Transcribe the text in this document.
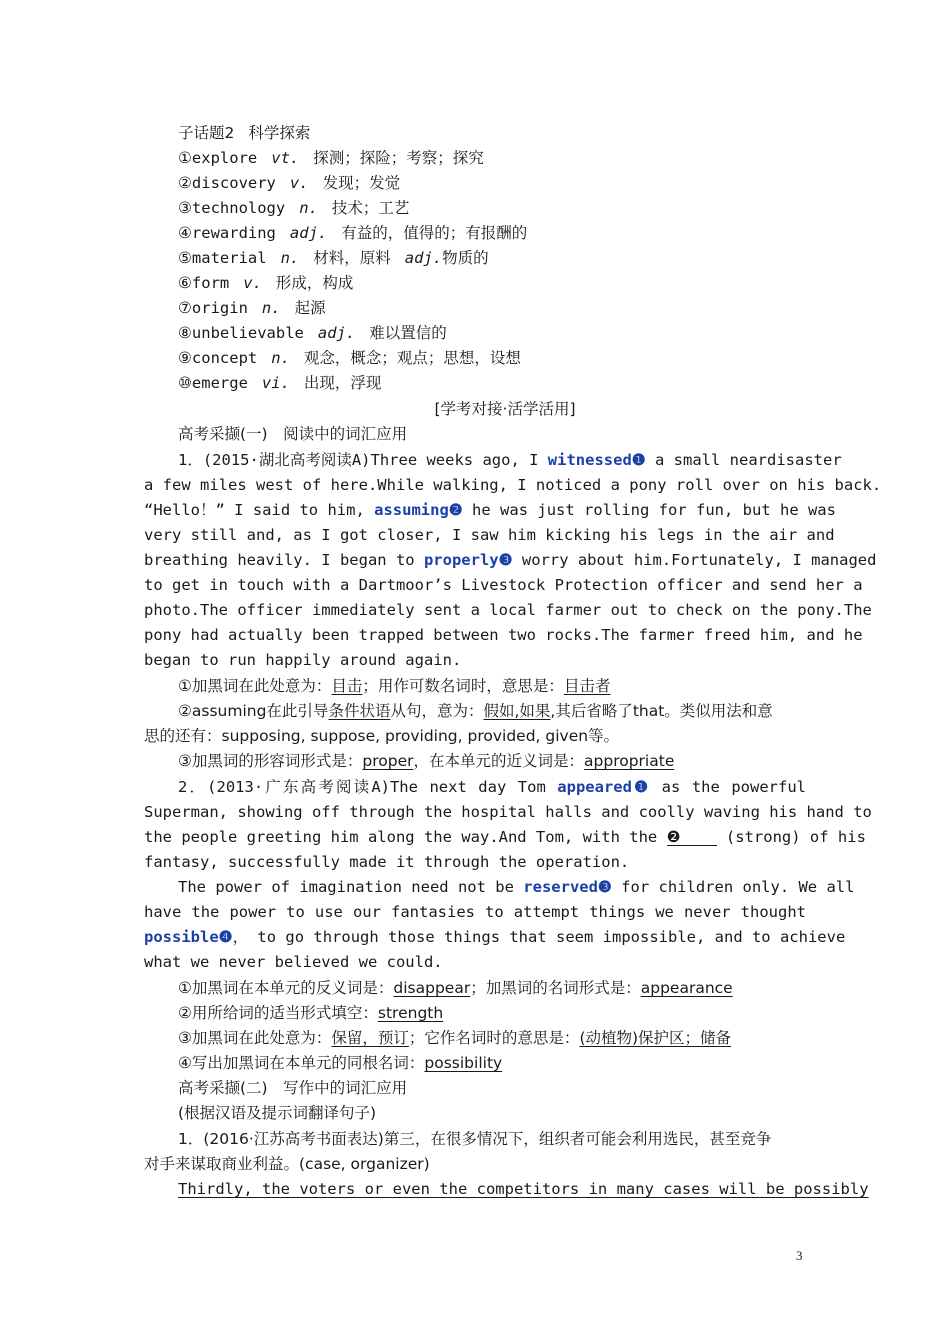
子话题2 科学探索
①explore vt. 探测；探险；考察；探究
②discovery v. 发现；发觉
③technology n. 技术；工艺
④rewarding adj. 有益的，值得的；有报酬的
⑤material n. 材料，原料 adj.物质的
⑥form v. 形成，构成
⑦origin n. 起源
⑧unbelievable adj. 难以置信的
⑨concept n. 观念，概念；观点；思想，设想
⑩emerge vi. 出现，浮现
[学考对接·活学活用]
高考采撷(一)　阅读中的词汇应用
1．(2015·湖北高考阅读A)Three weeks ago, I witnessed❶ a small neardisaster
a few miles west of here.While walking, I noticed a pony roll over on his back.
“Hello！” I said to him, assuming❷ he was just rolling for fun, but he was
very still and, as I got closer, I saw him kicking his legs in the air and
breathing heavily. I began to properly❸ worry about him.Fortunately, I managed
to get in touch with a Dartmoor’s Livestock Protection officer and send her a
photo.The officer immediately sent a local farmer out to check on the pony.The
pony had actually been trapped between two rocks.The farmer freed him, and he
began to run happily around again.
①加黑词在此处意为：目击；用作可数名词时，意思是：目击者
②assuming在此引导条件状语从句，意为：假如,如果,其后省略了that。类似用法和意
思的还有：supposing, suppose, providing, provided, given等。
③加黑词的形容词形式是：proper，在本单元的近义词是：appropriate
2．(2013·广东高考阅读A)The next day Tom appeared❶ as the powerful
Superman, showing off through the hospital halls and coolly waving his hand to
the people greeting him along the way.And Tom, with the ❷ (strong) of his
fantasy, successfully made it through the operation.
The power of imagination need not be reserved❸ for children only. We all
have the power to use our fantasies to attempt things we never thought
possible❹， to go through those things that seem impossible, and to achieve
what we never believed we could.
①加黑词在本单元的反义词是：disappear；加黑词的名词形式是：appearance
②用所给词的适当形式填空：strength
③加黑词在此处意为：保留，预订；它作名词时的意思是：(动植物)保护区；储备
④写出加黑词在本单元的同根名词：possibility
高考采撷(二)　写作中的词汇应用
(根据汉语及提示词翻译句子)
1．(2016·江苏高考书面表达)第三，在很多情况下，组织者可能会利用选民，甚至竞争
对手来谋取商业利益。(case, organizer)
Thirdly, the voters or even the competitors in many cases will be possibly
3
